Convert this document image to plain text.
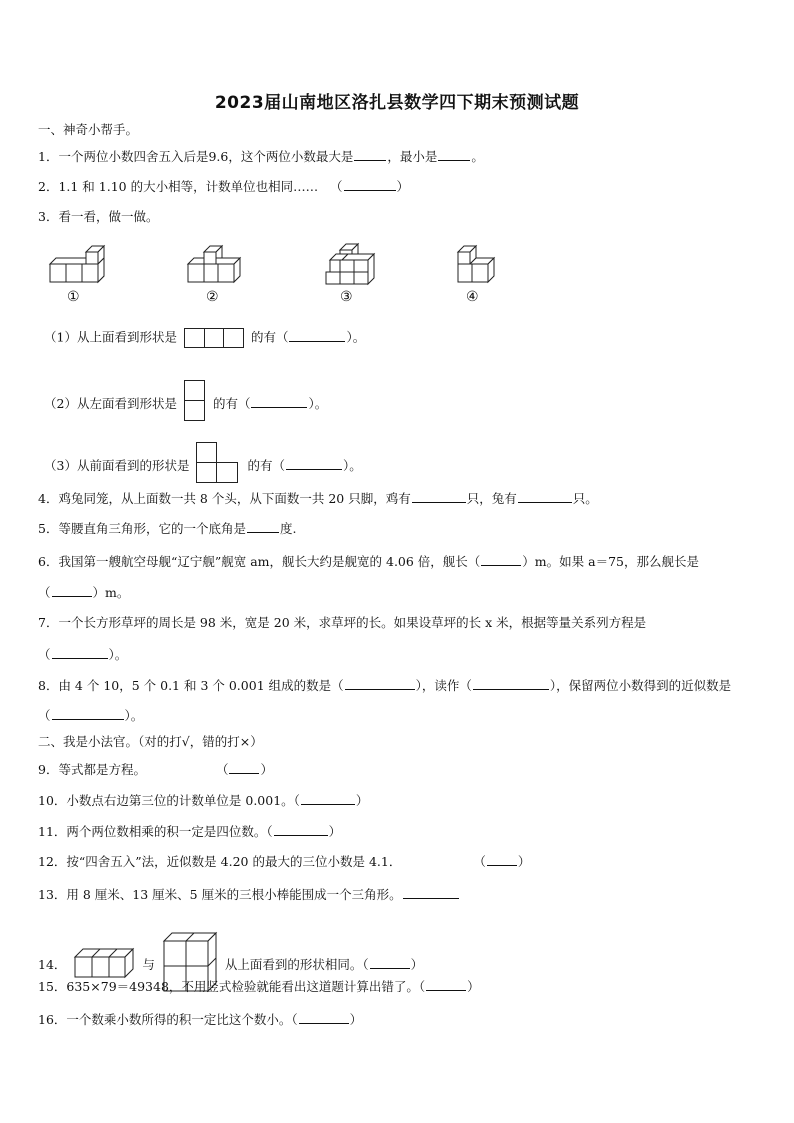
2023届山南地区洛扎县数学四下期末预测试题
一、神奇小帮手。
1．一个两位小数四舍五入后是9.6，这个两位小数最大是	，最小是	。
2．1.1 和 1.10 的大小相等，计数单位也相同…… （	）
3．看一看，做一做。
①	②	③	④
（1）从上面看到形状是	的有（	）。
（2）从左面看到形状是	的有（	）。
（3）从前面看到的形状是	的有（	）。
4．鸡兔同笼，从上面数一共 8 个头，从下面数一共 20 只脚，鸡有	只，兔有	只。
5．等腰直角三角形，它的一个底角是	度.
6．我国第一艘航空母舰“辽宁舰”舰宽 am，舰长大约是舰宽的 4.06 倍，舰长（	）m。如果 a＝75，那么舰长是
（	）m。
7．一个长方形草坪的周长是 98 米，宽是 20 米，求草坪的长。如果设草坪的长 x 米，根据等量关系列方程是
（	）。
8．由 4 个 10，5 个 0.1 和 3 个 0.001 组成的数是（	），读作（	），保留两位小数得到的近似数是
（	）。
二、我是小法官。（对的打√，错的打×）
9．等式都是方程。	（	）
10．小数点右边第三位的计数单位是 0.001。（	）
11．两个两位数相乘的积一定是四位数。（	）
12．按“四舍五入”法，近似数是 4.20 的最大的三位小数是 4.1．	（	）
13．用 8 厘米、13 厘米、5 厘米的三根小棒能围成一个三角形。
14．	与	从上面看到的形状相同。（	）
15．635×79＝49348，不用竖式检验就能看出这道题计算出错了。（	）
16．一个数乘小数所得的积一定比这个数小。（	）
